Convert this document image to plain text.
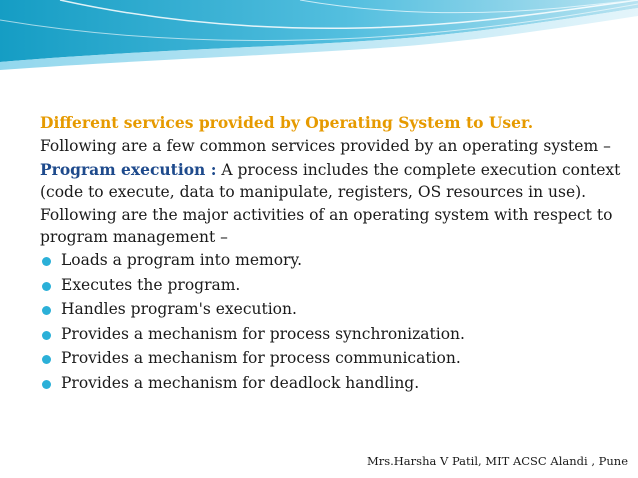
Different services provided by Operating System to User.

Following are a few common services provided by an operating system –

Program execution : A process includes the complete execution context (code to execute, data to manipulate, registers, OS resources in use).

Following are the major activities of an operating system with respect to program management –

Loads a program into memory.
Executes the program.
Handles program's execution.
Provides a mechanism for process synchronization.
Provides a mechanism for process communication.
Provides a mechanism for deadlock handling.
Mrs.Harsha V Patil, MIT ACSC Alandi , Pune
